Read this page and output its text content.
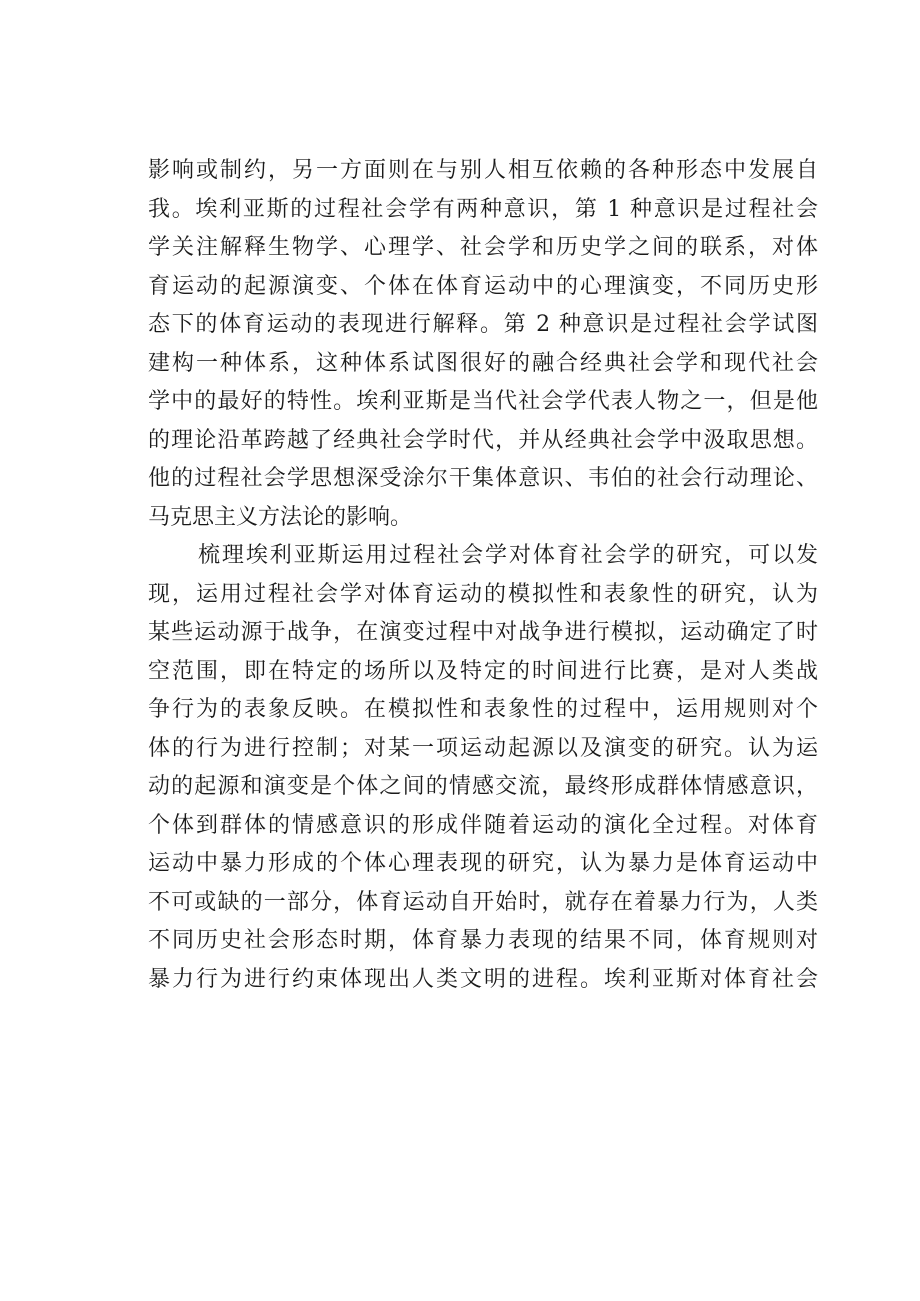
影响或制约，另一方面则在与别人相互依赖的各种形态中发展自
我。埃利亚斯的过程社会学有两种意识，第 1 种意识是过程社会
学关注解释生物学、心理学、社会学和历史学之间的联系，对体
育运动的起源演变、个体在体育运动中的心理演变，不同历史形
态下的体育运动的表现进行解释。第 2 种意识是过程社会学试图
建构一种体系，这种体系试图很好的融合经典社会学和现代社会
学中的最好的特性。埃利亚斯是当代社会学代表人物之一，但是他
的理论沿革跨越了经典社会学时代，并从经典社会学中汲取思想。
他的过程社会学思想深受涂尔干集体意识、韦伯的社会行动理论、
马克思主义方法论的影响。
梳理埃利亚斯运用过程社会学对体育社会学的研究，可以发
现，运用过程社会学对体育运动的模拟性和表象性的研究，认为
某些运动源于战争，在演变过程中对战争进行模拟，运动确定了时
空范围，即在特定的场所以及特定的时间进行比赛，是对人类战
争行为的表象反映。在模拟性和表象性的过程中，运用规则对个
体的行为进行控制；对某一项运动起源以及演变的研究。认为运
动的起源和演变是个体之间的情感交流，最终形成群体情感意识，
个体到群体的情感意识的形成伴随着运动的演化全过程。对体育
运动中暴力形成的个体心理表现的研究，认为暴力是体育运动中
不可或缺的一部分，体育运动自开始时，就存在着暴力行为，人类
不同历史社会形态时期，体育暴力表现的结果不同，体育规则对
暴力行为进行约束体现出人类文明的进程。埃利亚斯对体育社会
